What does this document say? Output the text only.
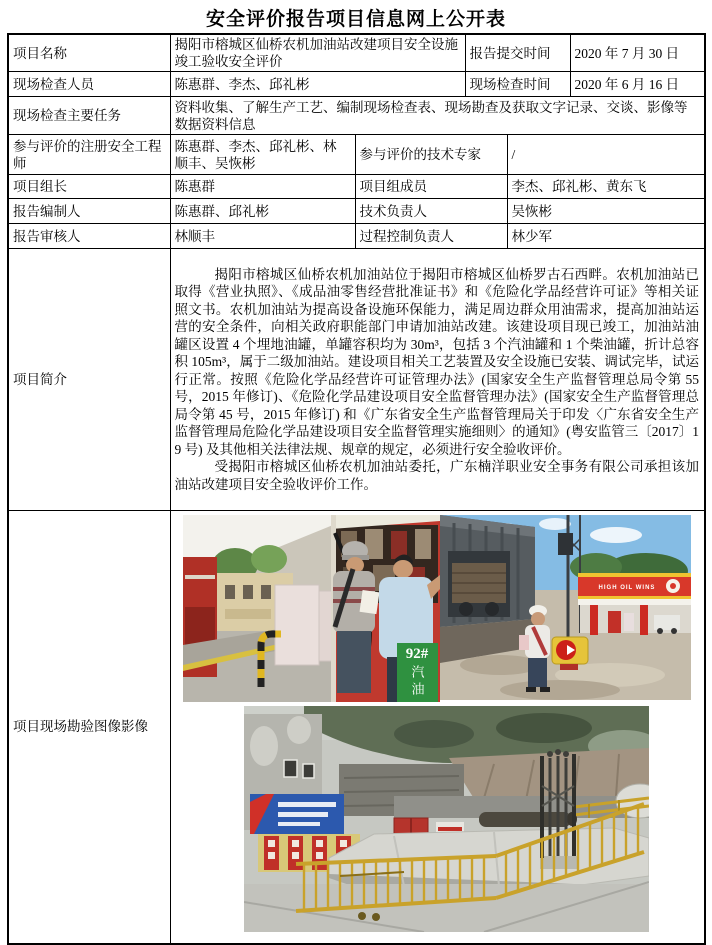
安全评价报告项目信息网上公开表
项目名称	揭阳市榕城区仙桥农机加油站改建项目安全设施竣工验收安全评价		报告提交时间		2020 年 7 月 30 日
现场检查人员	陈惠群、李杰、邱礼彬		现场检查时间		2020 年 6 月 16 日
现场检查主要任务	资料收集、了解生产工艺、编制现场检查表、现场勘查及获取文字记录、交谈、影像等数据资料信息				
参与评价的注册安全工程师	陈惠群、李杰、邱礼彬、林顺丰、吴恢彬	参与评价的技术专家		/	
项目组长	陈惠群	项目组成员		李杰、邱礼彬、黄东飞	
报告编制人	陈惠群、邱礼彬	技术负责人		吴恢彬	
报告审核人	林顺丰	过程控制负责人		林少军	
项目简介	揭阳市榕城区仙桥农机加油站位于揭阳市榕城区仙桥罗古石西畔。农机加油站已取得《营业执照》、《成品油零售经营批准证书》和《危险化学品经营许可证》等相关证照文书。农机加油站为提高设备设施环保能力，满足周边群众用油需求，提高加油站运营的安全条件，向相关政府职能部门申请加油站改建。该建设项目现已竣工，加油站油罐区设置 4 个埋地油罐，单罐容积均为 30m³，包括 3 个汽油罐和 1 个柴油罐，折计总容积 105m³，属于二级加油站。建设项目相关工艺装置及安全设施已安装、调试完毕，试运行正常。按照《危险化学品经营许可证管理办法》(国家安全生产监督管理总局令第 55 号，2015 年修订)、《危险化学品建设项目安全监督管理办法》(国家安全生产监督管理总局令第 45 号，2015 年修订) 和《广东省安全生产监督管理局关于印发〈广东省安全生产监督管理局危险化学品建设项目安全监督管理实施细则〉的通知》(粤安监管三〔2017〕19 号) 及其他相关法律法规、规章的规定，必须进行安全验收评价。

受揭阳市榕城区仙桥农机加油站委托，广东楠洋职业安全事务有限公司承担该加油站改建项目安全验收评价工作。				

项目现场勘验图像影像	92#
汽油
HIGH OIL WINS				
